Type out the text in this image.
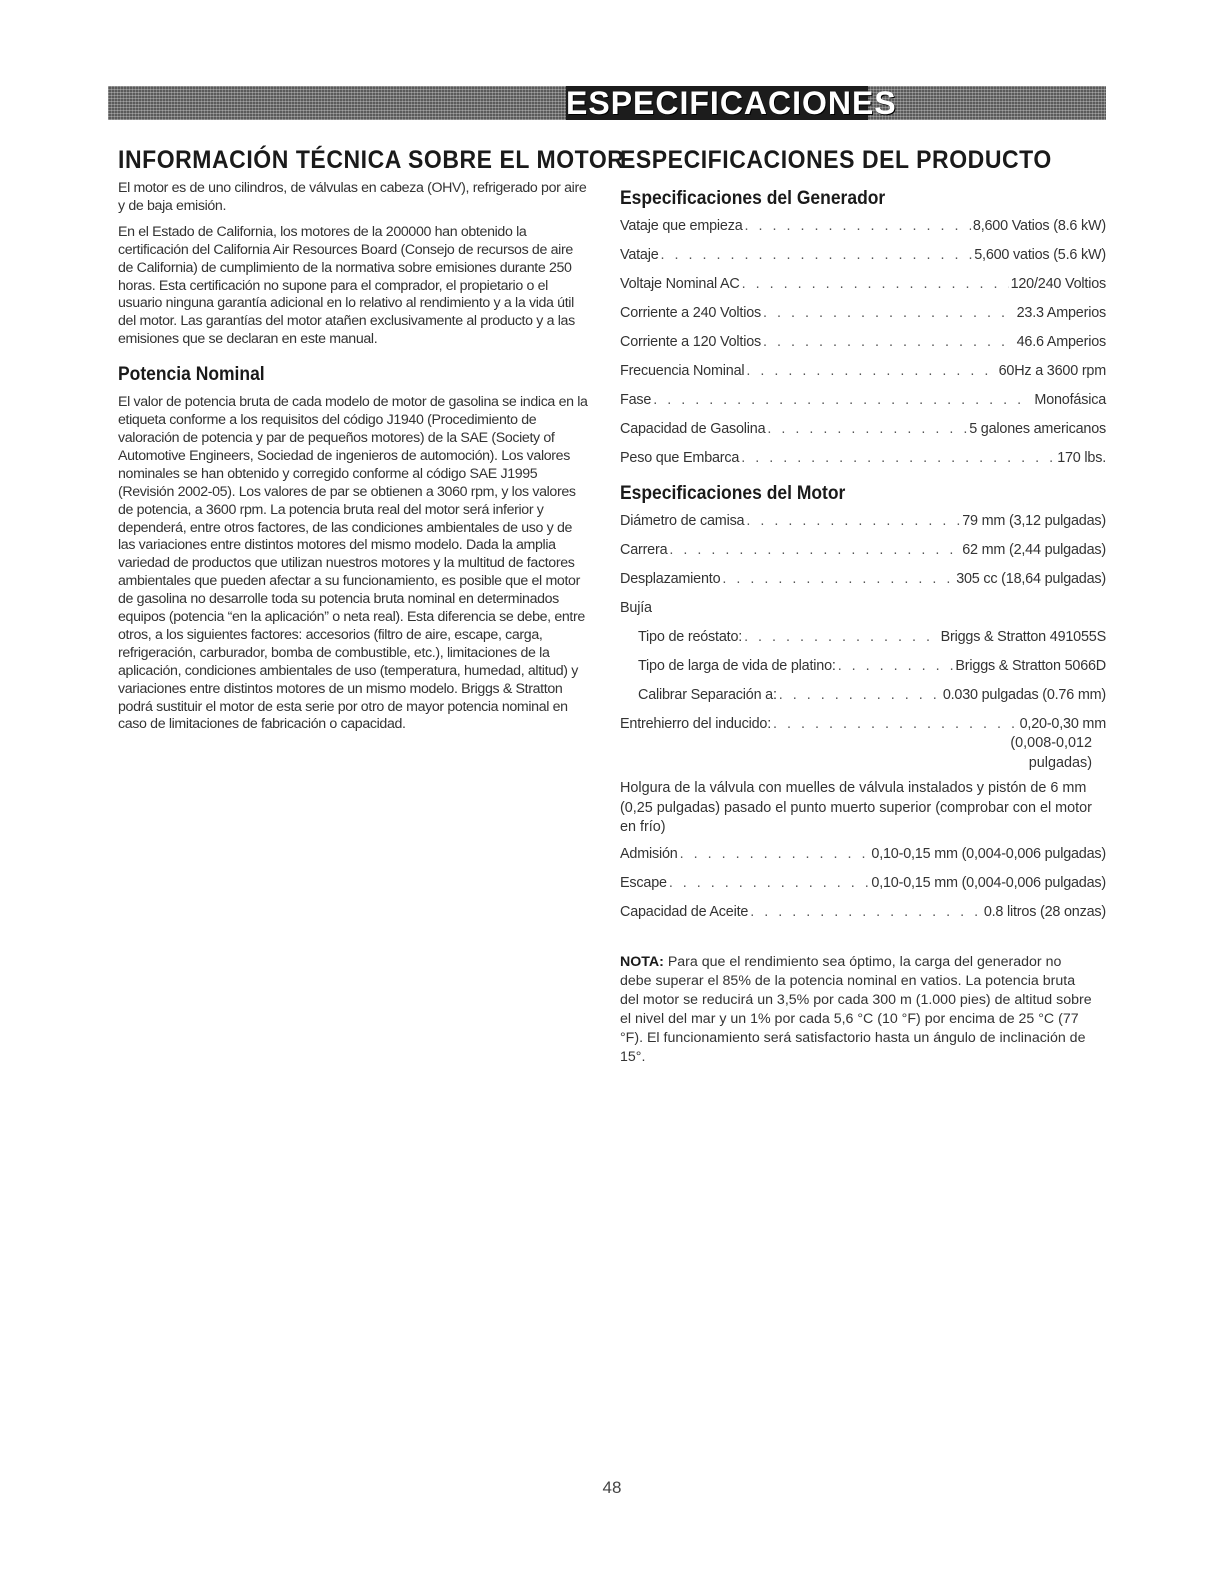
ESPECIFICACIONES
INFORMACIÓN TÉCNICA SOBRE EL MOTOR

El motor es de uno cilindros, de válvulas en cabeza (OHV), refrigerado por aire y de baja emisión.

En el Estado de California, los motores de la 200000 han obtenido la certificación del California Air Resources Board (Consejo de recursos de aire de California) de cumplimiento de la normativa sobre emisiones durante 250 horas. Esta certificación no supone para el comprador, el propietario o el usuario ninguna garantía adicional en lo relativo al rendimiento y a la vida útil del motor. Las garantías del motor atañen exclusivamente al producto y a las emisiones que se declaran en este manual.

Potencia Nominal

El valor de potencia bruta de cada modelo de motor de gasolina se indica en la etiqueta conforme a los requisitos del código J1940 (Procedimiento de valoración de potencia y par de pequeños motores) de la SAE (Society of Automotive Engineers, Sociedad de ingenieros de automoción). Los valores nominales se han obtenido y corregido conforme al código SAE J1995 (Revisión 2002-05). Los valores de par se obtienen a 3060 rpm, y los valores de potencia, a 3600 rpm. La potencia bruta real del motor será inferior y dependerá, entre otros factores, de las condiciones ambientales de uso y de las variaciones entre distintos motores del mismo modelo. Dada la amplia variedad de productos que utilizan nuestros motores y la multitud de factores ambientales que pueden afectar a su funcionamiento, es posible que el motor de gasolina no desarrolle toda su potencia bruta nominal en determinados equipos (potencia “en la aplicación” o neta real). Esta diferencia se debe, entre otros, a los siguientes factores: accesorios (filtro de aire, escape, carga, refrigeración, carburador, bomba de combustible, etc.), limitaciones de la aplicación, condiciones ambientales de uso (temperatura, humedad, altitud) y variaciones entre distintos motores de un mismo modelo. Briggs & Stratton podrá sustituir el motor de esta serie por otro de mayor potencia nominal en caso de limitaciones de fabricación o capacidad.

ESPECIFICACIONES DEL PRODUCTO
Especificaciones del Generador
Vataje que empieza . . .	8,600 Vatios (8.6 kW)
Vataje . . .	5,600 vatios (5.6 kW)
Voltaje Nominal AC . . .	120/240 Voltios
Corriente a 240 Voltios . . .	23.3 Amperios
Corriente a 120 Voltios . . .	46.6 Amperios
Frecuencia Nominal . . .	60Hz a 3600 rpm
Fase . . .	Monofásica
Capacidad de Gasolina . . .	5 galones americanos
Peso que Embarca . . .	170 lbs.
Especificaciones del Motor
Diámetro de camisa . . .	79 mm (3,12 pulgadas)
Carrera . . .	62 mm (2,44 pulgadas)
Desplazamiento . . .	305 cc (18,64 pulgadas)
Bujía
Tipo de reóstato: . . .	Briggs & Stratton 491055S
Tipo de larga de vida de platino: . . .	Briggs & Stratton 5066D
Calibrar Separación a: . . .	0.030 pulgadas (0.76 mm)
Entrehierro del inducido: . . .	0,20-0,30 mm
(0,008-0,012
pulgadas)

Holgura de la válvula con muelles de válvula instalados y pistón de 6 mm (0,25 pulgadas) pasado el punto muerto superior (comprobar con el motor en frío)

Admisión . . .	0,10-0,15 mm (0,004-0,006 pulgadas)
Escape . . .	0,10-0,15 mm (0,004-0,006 pulgadas)
Capacidad de Aceite . . .	0.8 litros (28 onzas)

NOTA: Para que el rendimiento sea óptimo, la carga del generador no debe superar el 85% de la potencia nominal en vatios. La potencia bruta del motor se reducirá un 3,5% por cada 300 m (1.000 pies) de altitud sobre el nivel del mar y un 1% por cada 5,6 °C (10 °F) por encima de 25 °C (77 °F). El funcionamiento será satisfactorio hasta un ángulo de inclinación de 15°.

48
